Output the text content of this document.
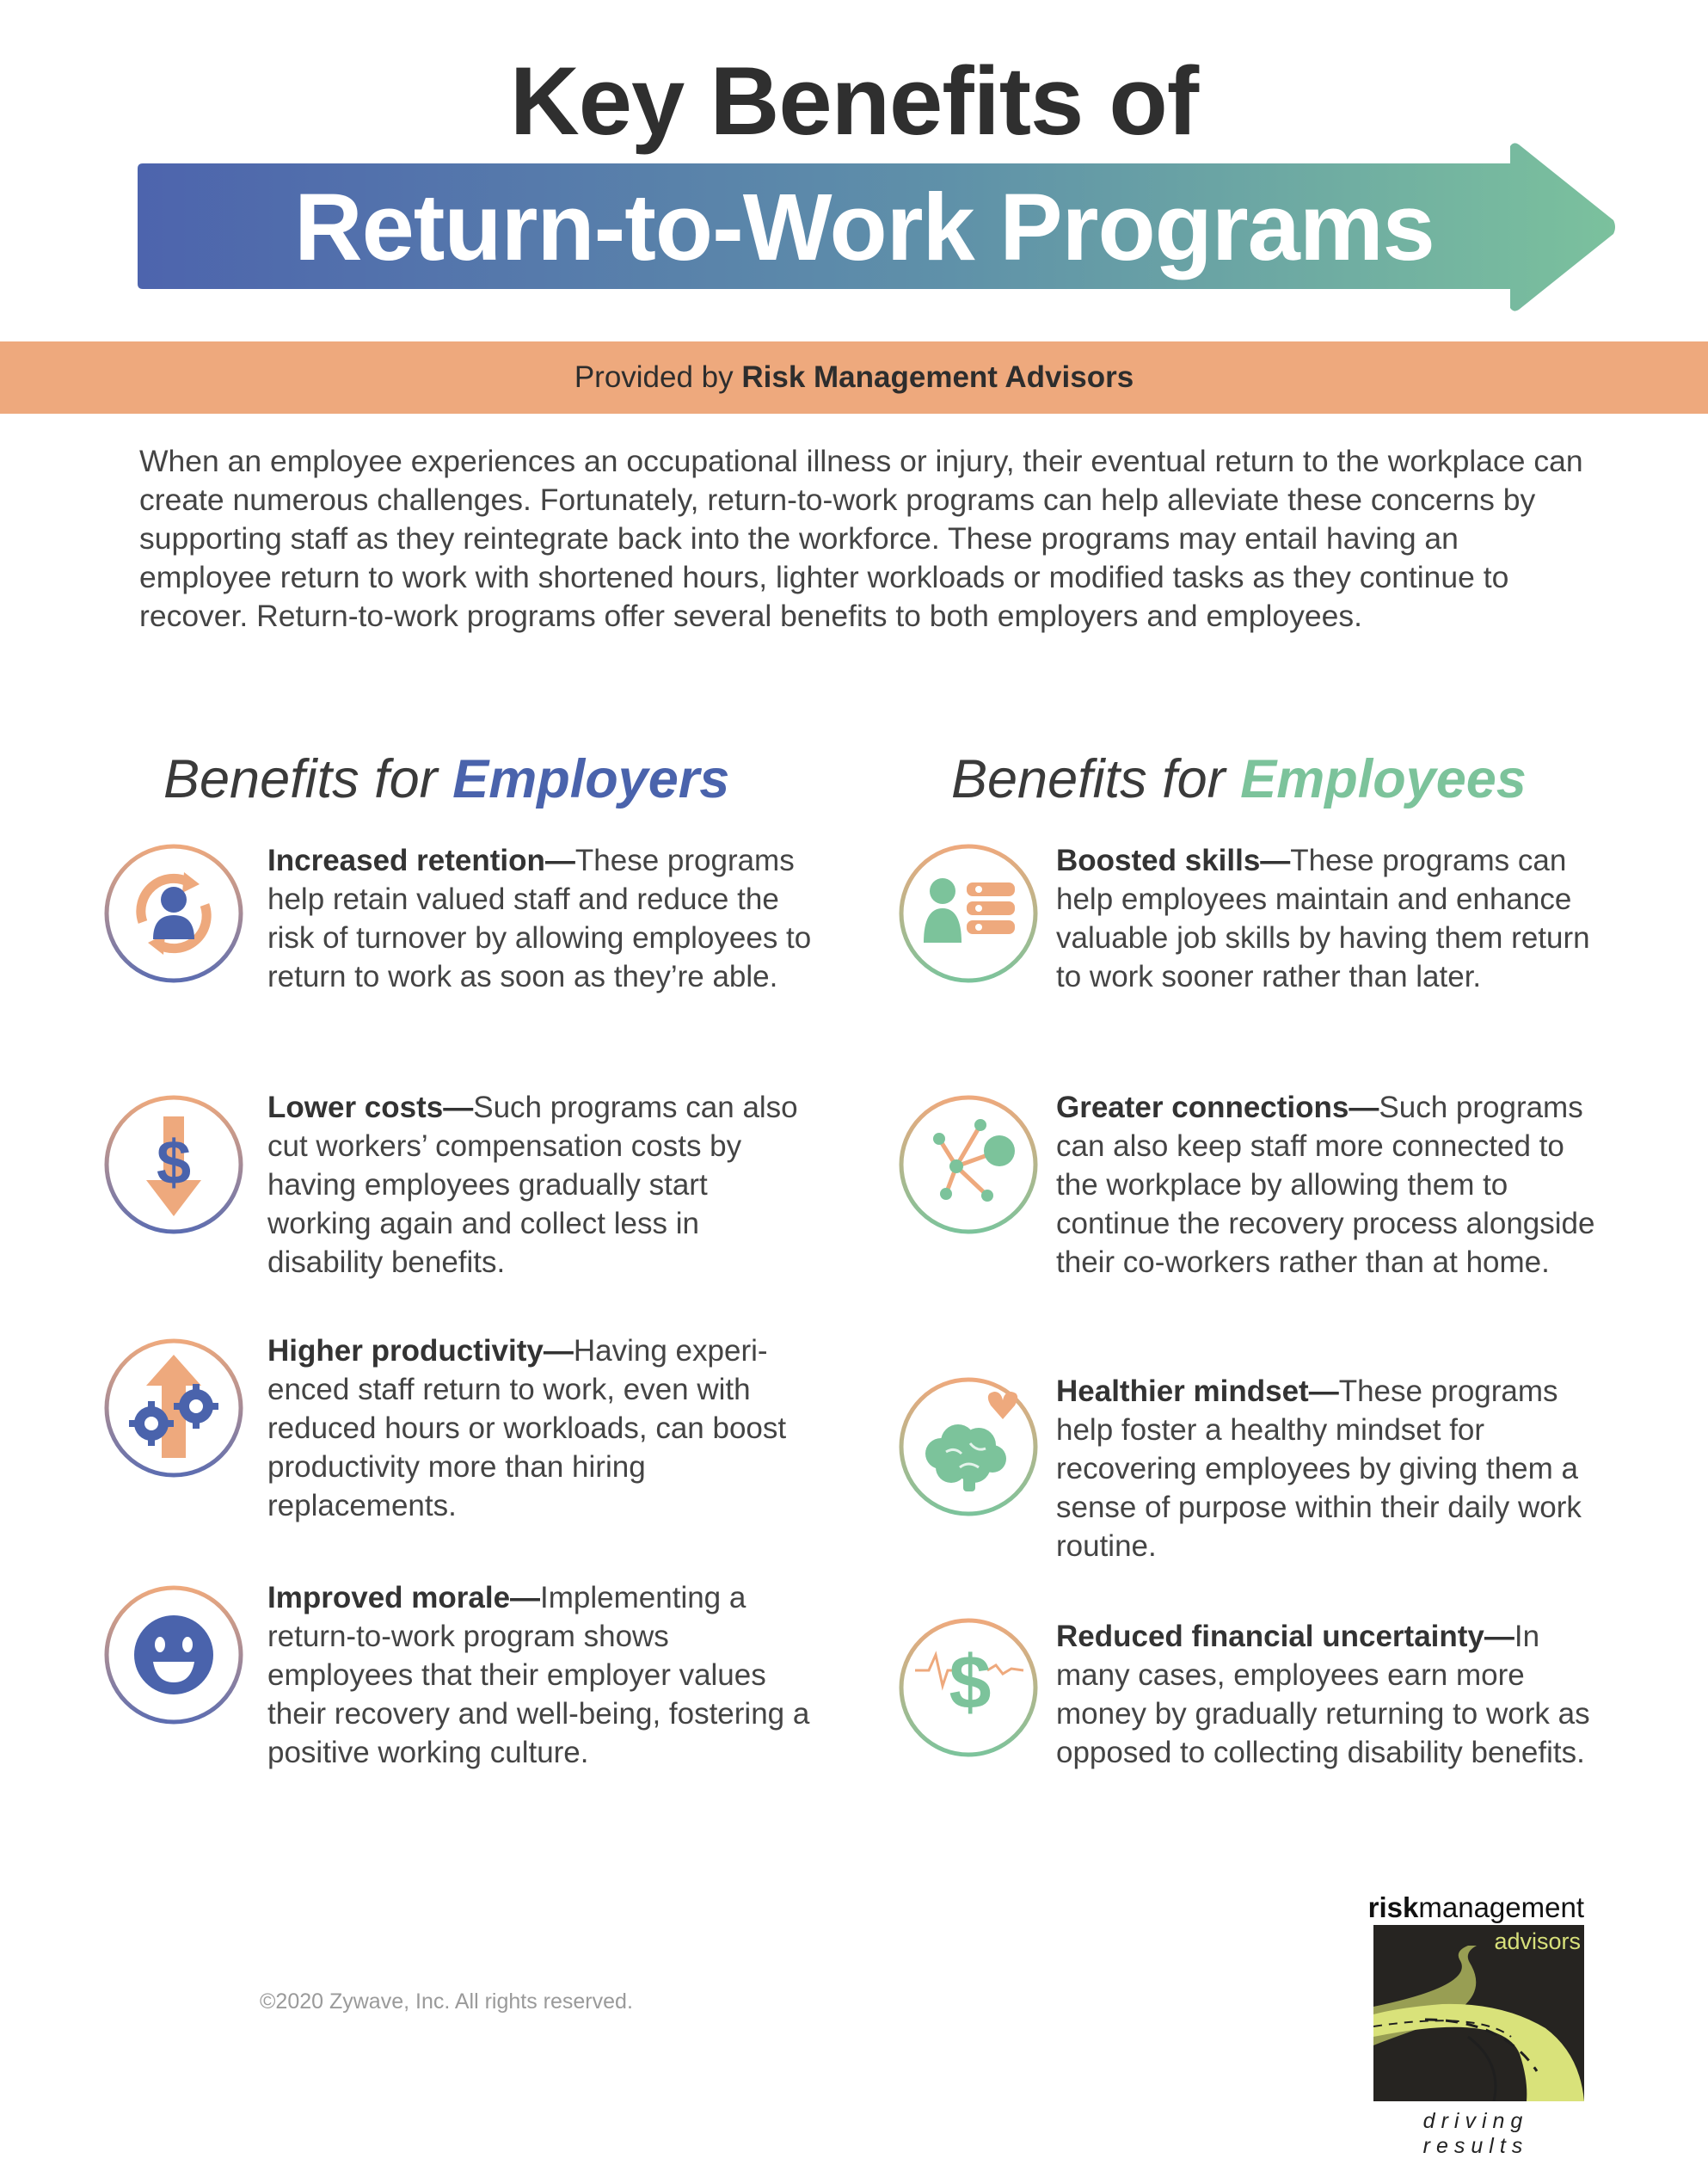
Key Benefits of
Return-to-Work Programs
Provided by Risk Management Advisors
When an employee experiences an occupational illness or injury, their eventual return to the workplace can create numerous challenges. Fortunately, return-to-work programs can help alleviate these concerns by supporting staff as they reintegrate back into the workforce. These programs may entail having an employee return to work with shortened hours, lighter workloads or modified tasks as they continue to recover. Return-to-work programs offer several benefits to both employers and employees.
Benefits for Employers	Benefits for Employees
$
$
Increased retention—These programs help retain valued staff and reduce the risk of turnover by allowing employees to return to work as soon as they’re able.
Lower costs—Such programs can also cut workers’ compensation costs by having employees gradually start working again and collect less in disability benefits.
Higher productivity—Having experi-enced staff return to work, even with reduced hours or workloads, can boost productivity more than hiring replacements.
Improved morale—Implementing a return-to-work program shows employees that their employer values their recovery and well-being, fostering a positive working culture.
Boosted skills—These programs can help employees maintain and enhance valuable job skills by having them return to work sooner rather than later.
Greater connections—Such programs can also keep staff more connected to the workplace by allowing them to continue the recovery process alongside their co-workers rather than at home.
Healthier mindset—These programs help foster a healthy mindset for recovering employees by giving them a sense of purpose within their daily work routine.
Reduced financial uncertainty—In many cases, employees earn more money by gradually returning to work as opposed to collecting disability benefits.
©2020 Zywave, Inc. All rights reserved.
riskmanagement
advisors
driving results
